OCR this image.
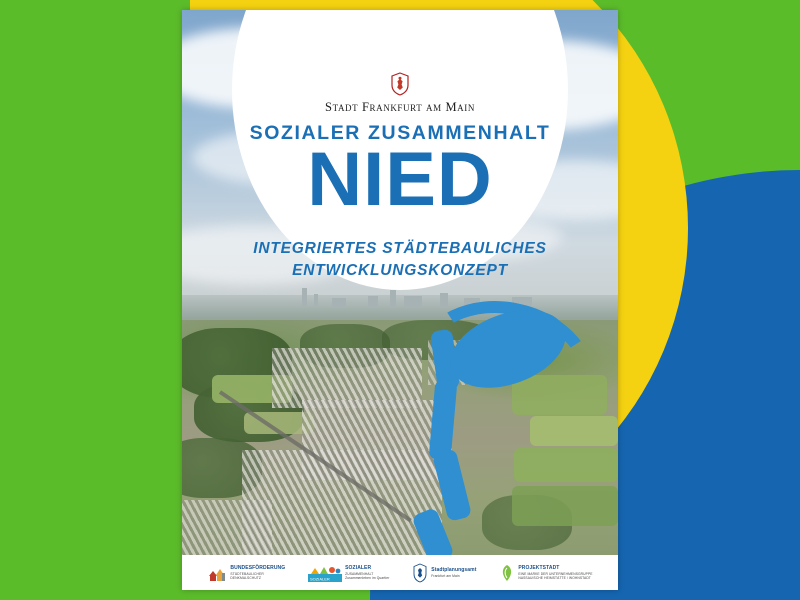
Stadt Frankfurt am Main
SOZIALER ZUSAMMENHALT
NIED
INTEGRIERTES STÄDTEBAULICHES
ENTWICKLUNGSKONZEPT
BUNDESFÖRDERUNG
STÄDTEBAULICHER
DENKMALSCHUTZ	SOZIALER
SOZIALER
ZUSAMMENHALT
Zusammenleben im Quartier
Stadtplanungsamt
Frankfurt am Main
PROJEKTSTADT
EINE MARKE DER UNTERNEHMENSGRUPPE
NASSAUISCHE HEIMSTÄTTE / WOHNSTADT
